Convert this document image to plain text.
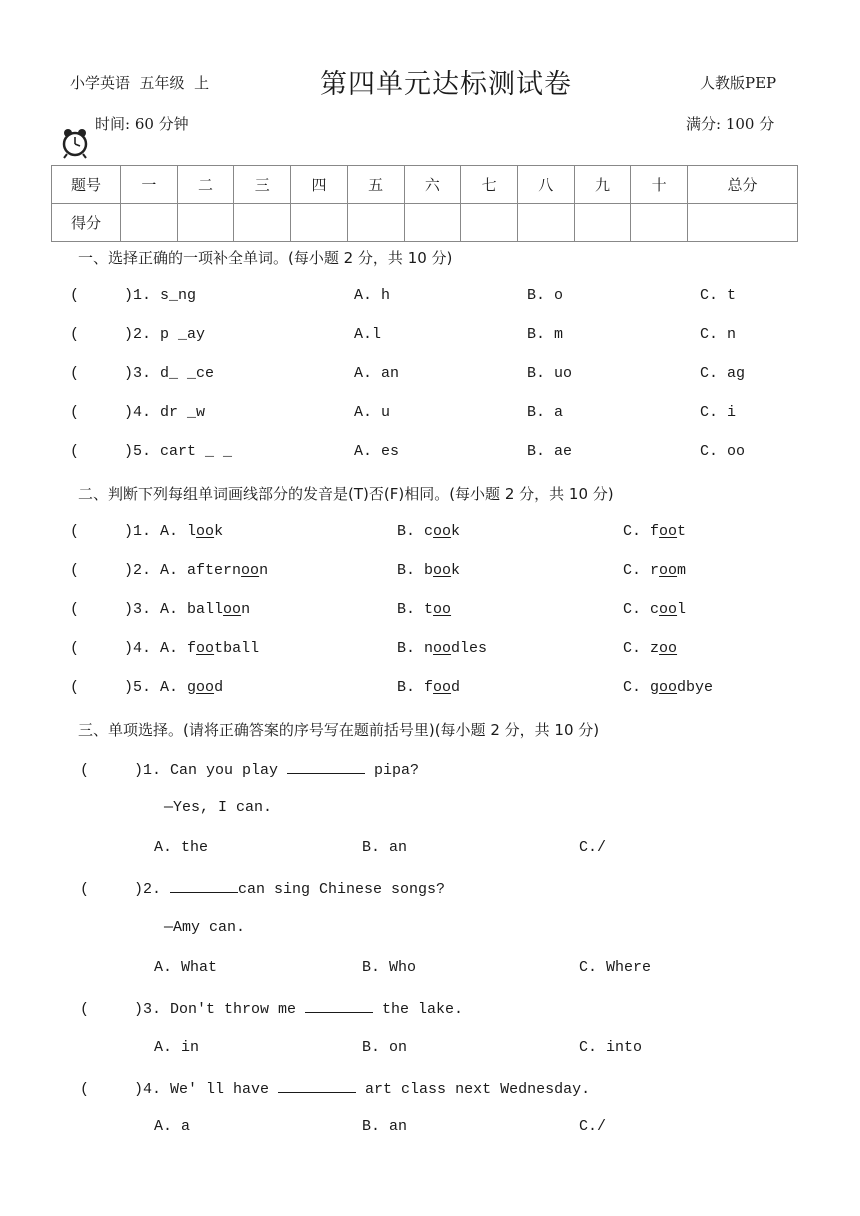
小学英语  五年级  上	第四单元达标测试卷	人教版PEP

时间: 60 分钟	满分: 100 分
题号	一	二	三	四	五	六	七	八	九	十	总分
得分											
一、选择正确的一项补全单词。(每小题 2 分，共 10 分)
(     )1. s_ng	A. h	B. o	C. t
(     )2. p _ay	A.l	B. m	C. n
(     )3. d_ _ce	A. an	B. uo	C. ag
(     )4. dr _w	A. u	B. a	C. i
(     )5. cart _ _	A. es	B. ae	C. oo
二、判断下列每组单词画线部分的发音是(T)否(F)相同。(每小题 2 分，共 10 分)
(     )1. A. look	B. cook	C. foot
(     )2. A. afternoon	B. book	C. room
(     )3. A. balloon	B. too	C. cool
(     )4. A. football	B. noodles	C. zoo
(     )5. A. good	B. food	C. goodbye
三、单项选择。(请将正确答案的序号写在题前括号里)(每小题 2 分，共 10 分)
(     )1. Can you play	pipa?
—Yes, I can.
A. the	B. an	C./
(     )2.	can sing Chinese songs?
—Amy can.
A. What	B. Who	C. Where
(     )3. Don't throw me	the lake.
A. in	B. on	C. into
(     )4. We' ll have	art class next Wednesday.
A. a	B. an	C./
